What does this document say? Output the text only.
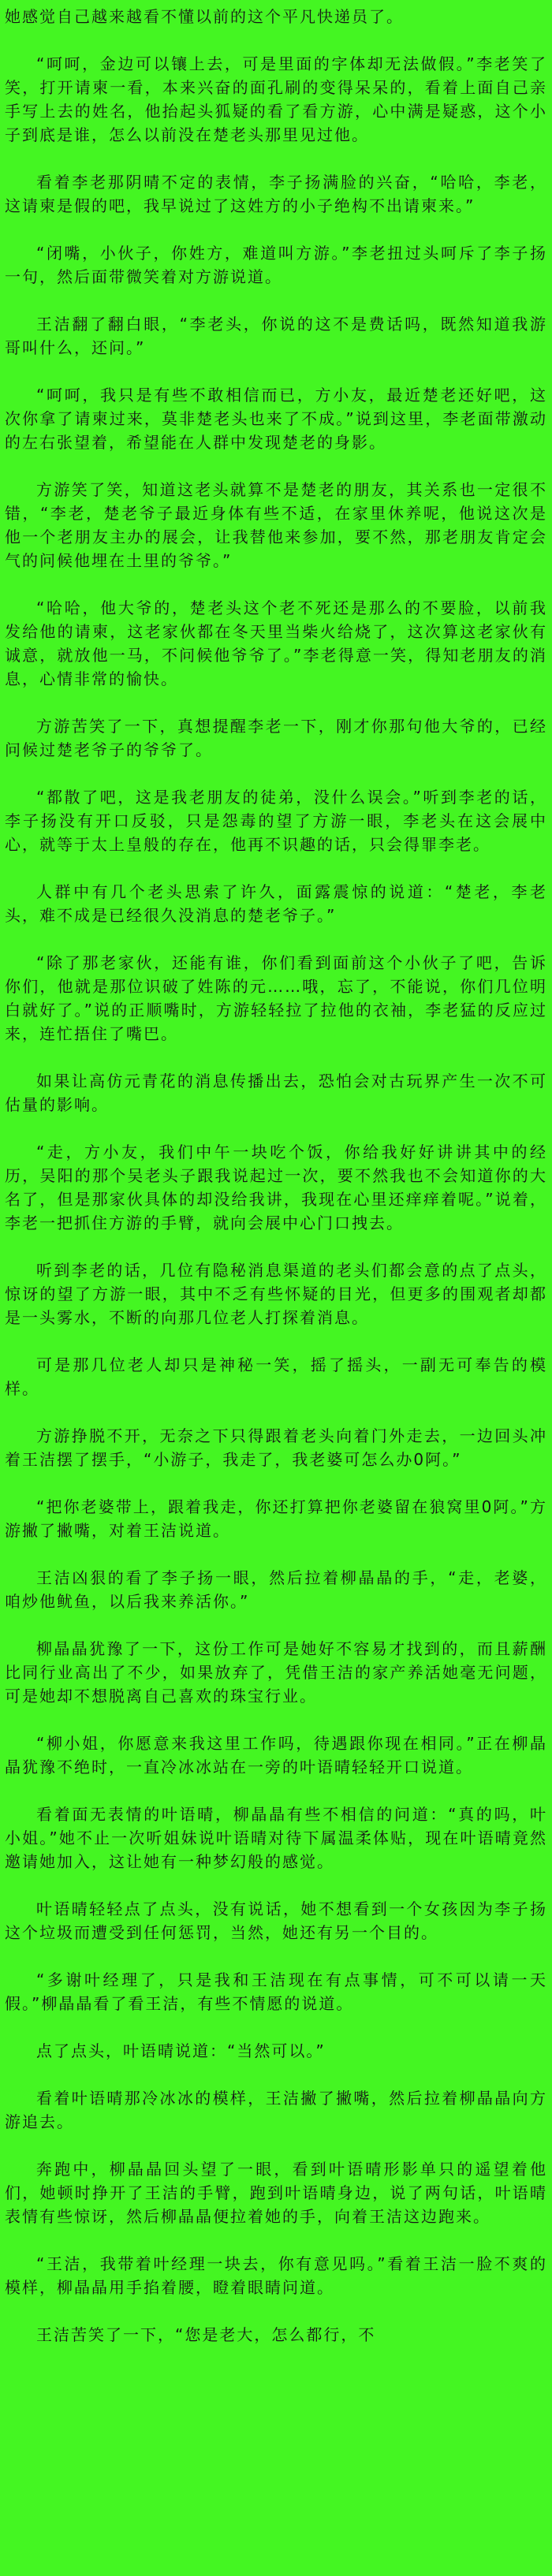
她感觉自己越来越看不懂以前的这个平凡快递员了。

“呵呵，金边可以镶上去，可是里面的字体却无法做假。”李老笑了笑，打开请柬一看，本来兴奋的面孔刷的变得呆呆的，看着上面自己亲手写上去的姓名，他抬起头狐疑的看了看方游，心中满是疑惑，这个小子到底是谁，怎么以前没在楚老头那里见过他。

看着李老那阴晴不定的表情，李子扬满脸的兴奋，“哈哈，李老，这请柬是假的吧，我早说过了这姓方的小子绝构不出请柬来。”

“闭嘴，小伙子，你姓方，难道叫方游。”李老扭过头呵斥了李子扬一句，然后面带微笑着对方游说道。

王洁翻了翻白眼，“李老头，你说的这不是费话吗，既然知道我游哥叫什么，还问。”

“呵呵，我只是有些不敢相信而已，方小友，最近楚老还好吧，这次你拿了请柬过来，莫非楚老头也来了不成。”说到这里，李老面带激动的左右张望着，希望能在人群中发现楚老的身影。

方游笑了笑，知道这老头就算不是楚老的朋友，其关系也一定很不错，“李老，楚老爷子最近身体有些不适，在家里休养呢，他说这次是他一个老朋友主办的展会，让我替他来参加，要不然，那老朋友肯定会气的问候他埋在土里的爷爷。”

“哈哈，他大爷的，楚老头这个老不死还是那么的不要脸，以前我发给他的请柬，这老家伙都在冬天里当柴火给烧了，这次算这老家伙有诚意，就放他一马，不问候他爷爷了。”李老得意一笑，得知老朋友的消息，心情非常的愉快。

方游苦笑了一下，真想提醒李老一下，刚才你那句他大爷的，已经问候过楚老爷子的爷爷了。

“都散了吧，这是我老朋友的徒弟，没什么误会。”听到李老的话，李子扬没有开口反驳，只是怨毒的望了方游一眼，李老头在这会展中心，就等于太上皇般的存在，他再不识趣的话，只会得罪李老。

人群中有几个老头思索了许久，面露震惊的说道：“楚老，李老头，难不成是已经很久没消息的楚老爷子。”

“除了那老家伙，还能有谁，你们看到面前这个小伙子了吧，告诉你们，他就是那位识破了姓陈的元……哦，忘了，不能说，你们几位明白就好了。”说的正顺嘴时，方游轻轻拉了拉他的衣袖，李老猛的反应过来，连忙捂住了嘴巴。

如果让高仿元青花的消息传播出去，恐怕会对古玩界产生一次不可估量的影响。

“走，方小友，我们中午一块吃个饭，你给我好好讲讲其中的经历，吴阳的那个吴老头子跟我说起过一次，要不然我也不会知道你的大名了，但是那家伙具体的却没给我讲，我现在心里还痒痒着呢。”说着，李老一把抓住方游的手臂，就向会展中心门口拽去。

听到李老的话，几位有隐秘消息渠道的老头们都会意的点了点头，惊讶的望了方游一眼，其中不乏有些怀疑的目光，但更多的围观者却都是一头雾水，不断的向那几位老人打探着消息。

可是那几位老人却只是神秘一笑，摇了摇头，一副无可奉告的模样。

方游挣脱不开，无奈之下只得跟着老头向着门外走去，一边回头冲着王洁摆了摆手，“小游子，我走了，我老婆可怎么办0阿。”

“把你老婆带上，跟着我走，你还打算把你老婆留在狼窝里0阿。”方游撇了撇嘴，对着王洁说道。

王洁凶狠的看了李子扬一眼，然后拉着柳晶晶的手，“走，老婆，咱炒他鱿鱼，以后我来养活你。”

柳晶晶犹豫了一下，这份工作可是她好不容易才找到的，而且薪酬比同行业高出了不少，如果放弃了，凭借王洁的家产养活她毫无问题，可是她却不想脱离自己喜欢的珠宝行业。

“柳小姐，你愿意来我这里工作吗，待遇跟你现在相同。”正在柳晶晶犹豫不绝时，一直冷冰冰站在一旁的叶语晴轻轻开口说道。

看着面无表情的叶语晴，柳晶晶有些不相信的问道：“真的吗，叶小姐。”她不止一次听姐妹说叶语晴对待下属温柔体贴，现在叶语晴竟然邀请她加入，这让她有一种梦幻般的感觉。

叶语晴轻轻点了点头，没有说话，她不想看到一个女孩因为李子扬这个垃圾而遭受到任何惩罚，当然，她还有另一个目的。

“多谢叶经理了，只是我和王洁现在有点事情，可不可以请一天假。”柳晶晶看了看王洁，有些不情愿的说道。

点了点头，叶语晴说道：“当然可以。”

看着叶语晴那冷冰冰的模样，王洁撇了撇嘴，然后拉着柳晶晶向方游追去。

奔跑中，柳晶晶回头望了一眼，看到叶语晴形影单只的遥望着他们，她顿时挣开了王洁的手臂，跑到叶语晴身边，说了两句话，叶语晴表情有些惊讶，然后柳晶晶便拉着她的手，向着王洁这边跑来。

“王洁，我带着叶经理一块去，你有意见吗。”看着王洁一脸不爽的模样，柳晶晶用手掐着腰，瞪着眼睛问道。

王洁苦笑了一下，“您是老大，怎么都行，不
